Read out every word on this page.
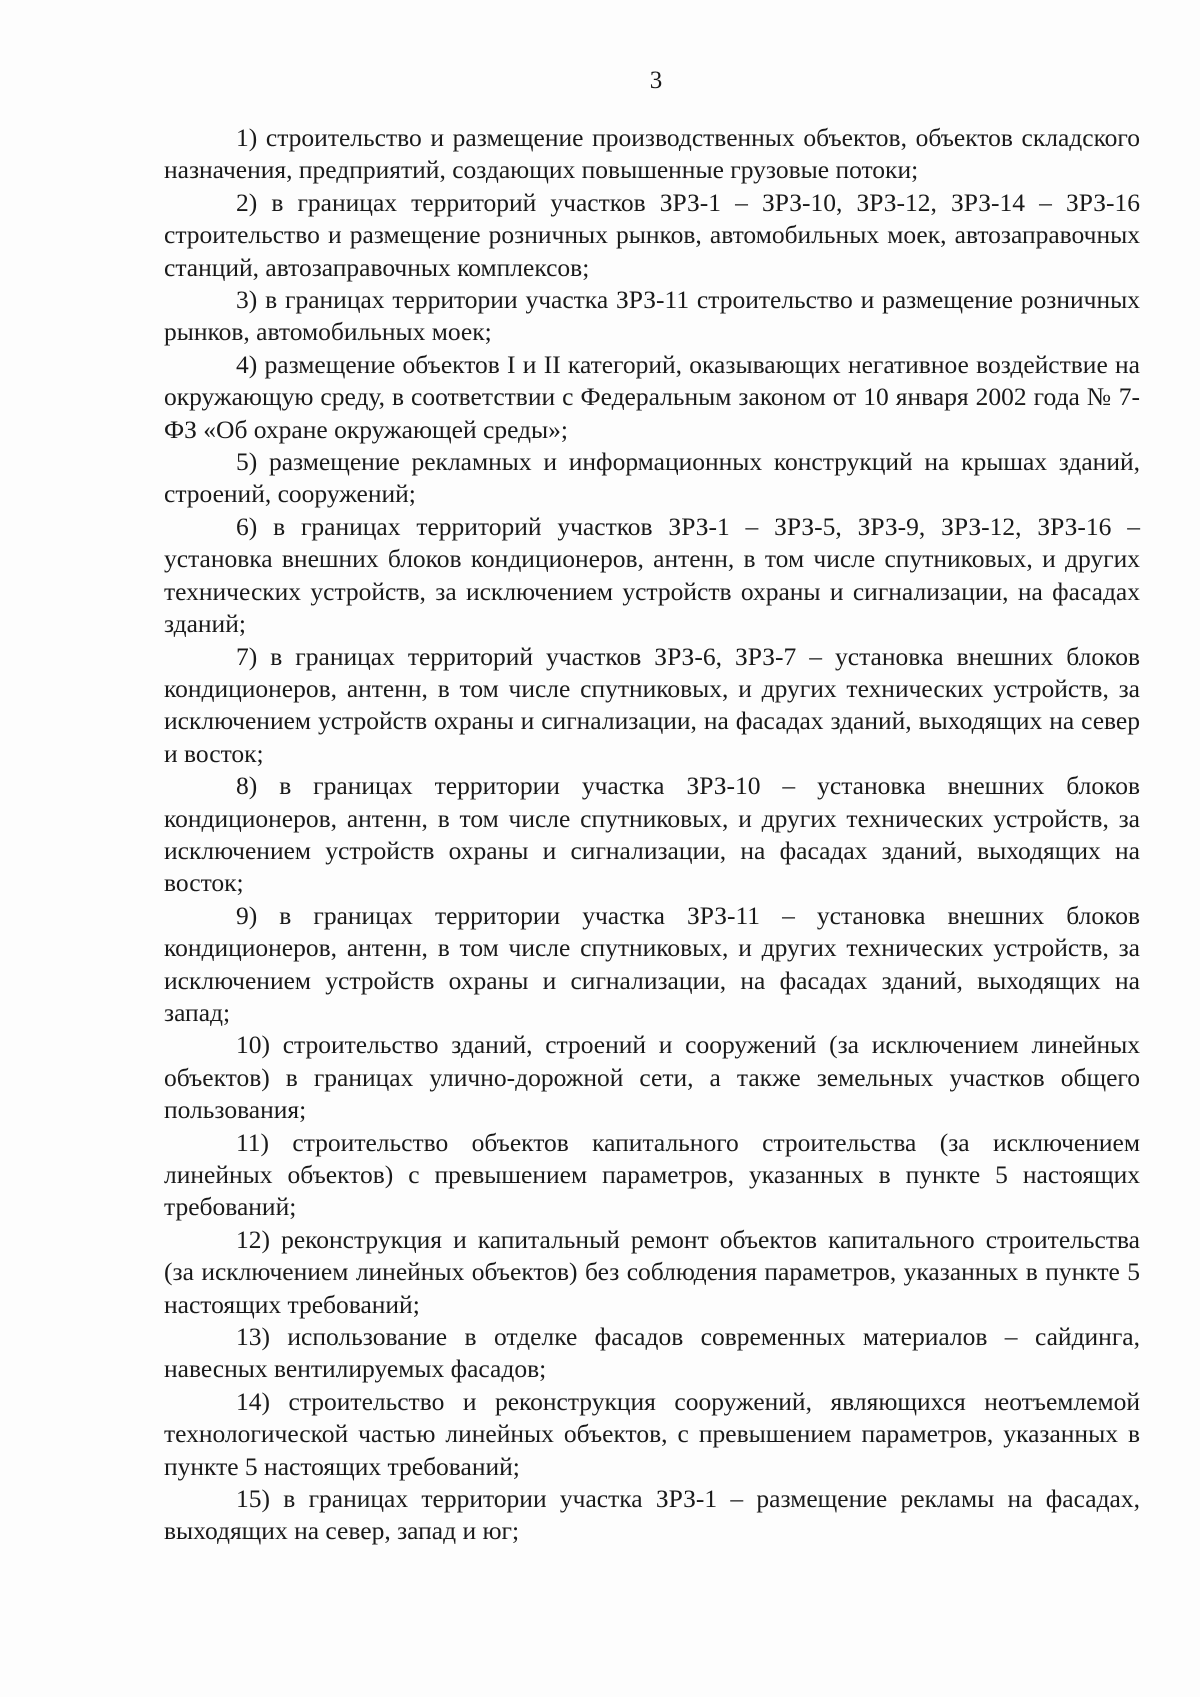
3

1) строительство и размещение производственных объектов, объектов складского назначения, предприятий, создающих повышенные грузовые потоки;

2) в границах территорий участков ЗРЗ-1 – ЗРЗ-10, ЗРЗ-12, ЗРЗ-14 – ЗРЗ-16 строительство и размещение розничных рынков, автомобильных моек, автозаправочных станций, автозаправочных комплексов;

3) в границах территории участка ЗРЗ-11 строительство и размещение розничных рынков, автомобильных моек;

4) размещение объектов I и II категорий, оказывающих негативное воздействие на окружающую среду, в соответствии с Федеральным законом от 10 января 2002 года № 7-ФЗ «Об охране окружающей среды»;

5) размещение рекламных и информационных конструкций на крышах зданий, строений, сооружений;

6) в границах территорий участков ЗРЗ-1 – ЗРЗ-5, ЗРЗ-9, ЗРЗ-12, ЗРЗ-16 – установка внешних блоков кондиционеров, антенн, в том числе спутниковых, и других технических устройств, за исключением устройств охраны и сигнализации, на фасадах зданий;

7) в границах территорий участков ЗРЗ-6, ЗРЗ-7 – установка внешних блоков кондиционеров, антенн, в том числе спутниковых, и других технических устройств, за исключением устройств охраны и сигнализации, на фасадах зданий, выходящих на север и восток;

8) в границах территории участка ЗРЗ-10 – установка внешних блоков кондиционеров, антенн, в том числе спутниковых, и других технических устройств, за исключением устройств охраны и сигнализации, на фасадах зданий, выходящих на восток;

9) в границах территории участка ЗРЗ-11 – установка внешних блоков кондиционеров, антенн, в том числе спутниковых, и других технических устройств, за исключением устройств охраны и сигнализации, на фасадах зданий, выходящих на запад;

10) строительство зданий, строений и сооружений (за исключением линейных объектов) в границах улично-дорожной сети, а также земельных участков общего пользования;

11) строительство объектов капитального строительства (за исключением линейных объектов) с превышением параметров, указанных в пункте 5 настоящих требований;

12) реконструкция и капитальный ремонт объектов капитального строительства (за исключением линейных объектов) без соблюдения параметров, указанных в пункте 5 настоящих требований;

13) использование в отделке фасадов современных материалов – сайдинга, навесных вентилируемых фасадов;

14) строительство и реконструкция сооружений, являющихся неотъемлемой технологической частью линейных объектов, с превышением параметров, указанных в пункте 5 настоящих требований;

15) в границах территории участка ЗРЗ-1 – размещение рекламы на фасадах, выходящих на север, запад и юг;
